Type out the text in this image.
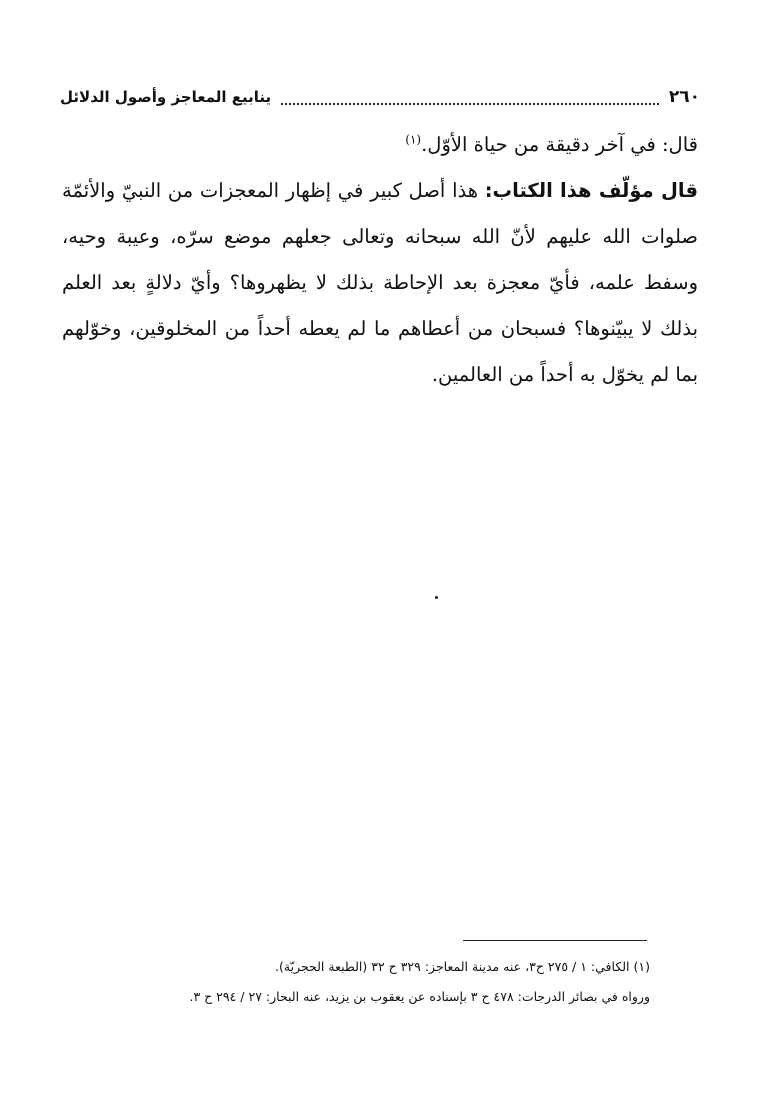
٢٦٠
ينابيع المعاجز وأصول الدلائل

قال: في آخر دقيقة من حياة الأوّل.$^{(١)}$

قال مؤلّف هذا الكتاب: هذا أصل كبير في إظهار المعجزات من النبيّ والأئمّة صلوات الله عليهم لأنّ الله سبحانه وتعالى جعلهم موضع سرّه، وعيبة وحيه، وسفط علمه، فأيّ معجزة بعد الإحاطة بذلك لا يظهروها؟ وأيّ دلالةٍ بعد العلم بذلك لا يبيّنوها؟ فسبحان من أعطاهم ما لم يعطه أحداً من المخلوقين، وخوّلهم بما لم يخوّل به أحداً من العالمين.

(١) الكافي: ١ / ٢٧٥ ح٣، عنه مدينة المعاجز: ٣٢٩ ح ٣٢ (الطبعة الحجريّة).

ورواه في بصائر الدرجات: ٤٧٨ ح ٣ بإسناده عن يعقوب بن يزيد، عنه البحار: ٢٧ / ٢٩٤ ح ٣.
